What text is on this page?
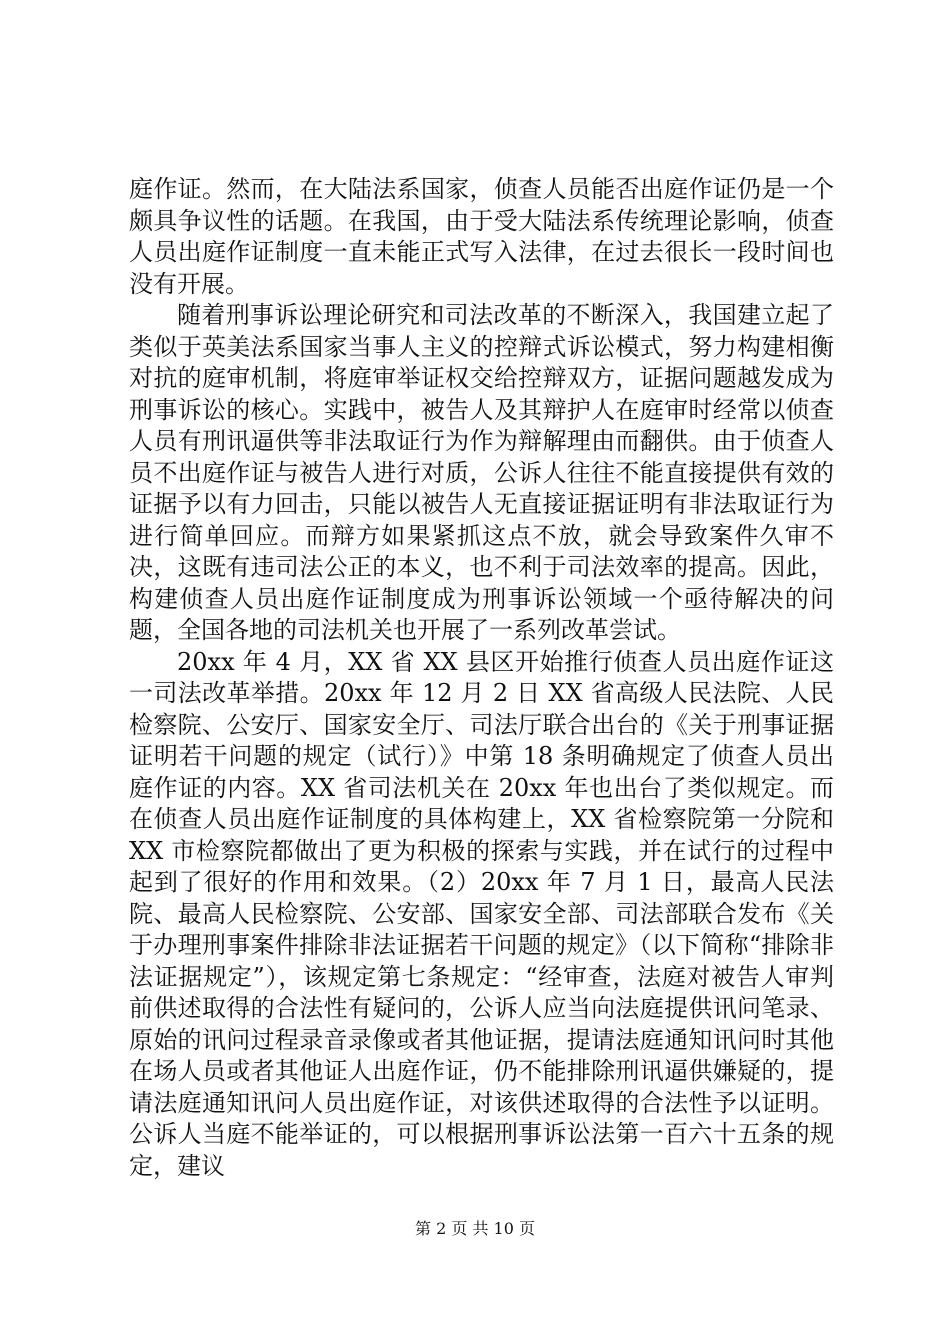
庭作证。然而，在大陆法系国家，侦查人员能否出庭作证仍是一个颇具争议性的话题。在我国，由于受大陆法系传统理论影响，侦查人员出庭作证制度一直未能正式写入法律，在过去很长一段时间也没有开展。

随着刑事诉讼理论研究和司法改革的不断深入，我国建立起了类似于英美法系国家当事人主义的控辩式诉讼模式，努力构建相衡对抗的庭审机制，将庭审举证权交给控辩双方，证据问题越发成为刑事诉讼的核心。实践中，被告人及其辩护人在庭审时经常以侦查人员有刑讯逼供等非法取证行为作为辩解理由而翻供。由于侦查人员不出庭作证与被告人进行对质，公诉人往往不能直接提供有效的证据予以有力回击，只能以被告人无直接证据证明有非法取证行为进行简单回应。而辩方如果紧抓这点不放，就会导致案件久审不决，这既有违司法公正的本义，也不利于司法效率的提高。因此，构建侦查人员出庭作证制度成为刑事诉讼领域一个亟待解决的问题，全国各地的司法机关也开展了一系列改革尝试。

20xx 年 4 月，XX 省 XX 县区开始推行侦查人员出庭作证这一司法改革举措。20xx 年 12 月 2 日 XX 省高级人民法院、人民检察院、公安厅、国家安全厅、司法厅联合出台的《关于刑事证据证明若干问题的规定（试行）》中第 18 条明确规定了侦查人员出庭作证的内容。XX 省司法机关在 20xx 年也出台了类似规定。而在侦查人员出庭作证制度的具体构建上，XX 省检察院第一分院和 XX 市检察院都做出了更为积极的探索与实践，并在试行的过程中起到了很好的作用和效果。（2）20xx 年 7 月 1 日，最高人民法院、最高人民检察院、公安部、国家安全部、司法部联合发布《关于办理刑事案件排除非法证据若干问题的规定》（以下简称“排除非法证据规定”），该规定第七条规定：“经审查，法庭对被告人审判前供述取得的合法性有疑问的，公诉人应当向法庭提供讯问笔录、原始的讯问过程录音录像或者其他证据，提请法庭通知讯问时其他在场人员或者其他证人出庭作证，仍不能排除刑讯逼供嫌疑的，提请法庭通知讯问人员出庭作证，对该供述取得的合法性予以证明。公诉人当庭不能举证的，可以根据刑事诉讼法第一百六十五条的规定，建议

第 2 页 共 10 页
